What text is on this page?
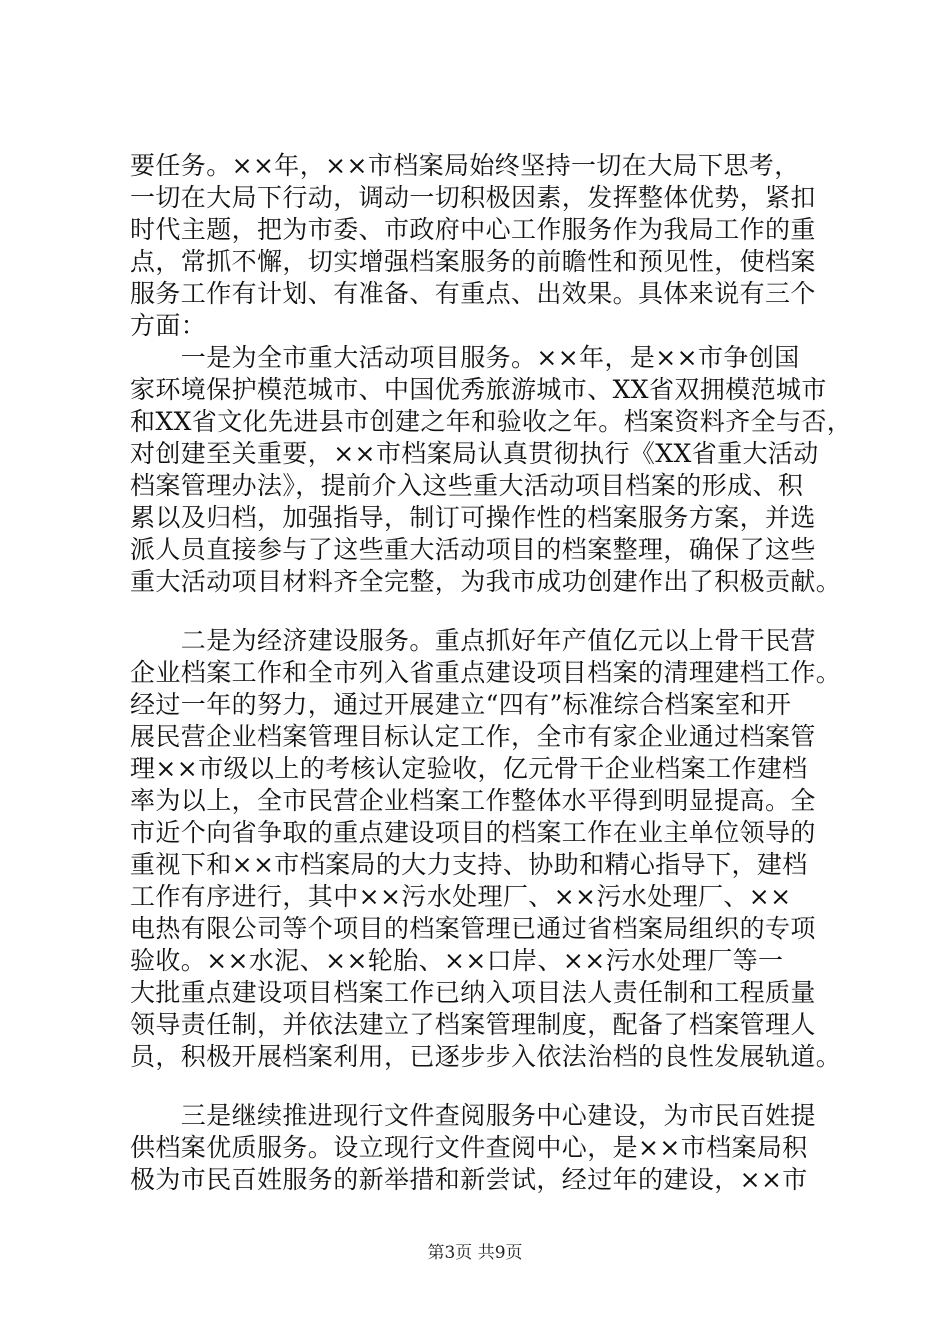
要任务。××年，××市档案局始终坚持一切在大局下思考，
一切在大局下行动，调动一切积极因素，发挥整体优势，紧扣
时代主题，把为市委、市政府中心工作服务作为我局工作的重
点，常抓不懈，切实增强档案服务的前瞻性和预见性，使档案
服务工作有计划、有准备、有重点、出效果。具体来说有三个
方面：
　　一是为全市重大活动项目服务。××年，是××市争创国
家环境保护模范城市、中国优秀旅游城市、XX省双拥模范城市
和XX省文化先进县市创建之年和验收之年。档案资料齐全与否，
对创建至关重要，××市档案局认真贯彻执行《XX省重大活动
档案管理办法》，提前介入这些重大活动项目档案的形成、积
累以及归档，加强指导，制订可操作性的档案服务方案，并选
派人员直接参与了这些重大活动项目的档案整理，确保了这些
重大活动项目材料齐全完整，为我市成功创建作出了积极贡献。
　　二是为经济建设服务。重点抓好年产值亿元以上骨干民营
企业档案工作和全市列入省重点建设项目档案的清理建档工作。
经过一年的努力，通过开展建立“四有”标准综合档案室和开
展民营企业档案管理目标认定工作，全市有家企业通过档案管
理××市级以上的考核认定验收，亿元骨干企业档案工作建档
率为以上，全市民营企业档案工作整体水平得到明显提高。全
市近个向省争取的重点建设项目的档案工作在业主单位领导的
重视下和××市档案局的大力支持、协助和精心指导下，建档
工作有序进行，其中××污水处理厂、××污水处理厂、××
电热有限公司等个项目的档案管理已通过省档案局组织的专项
验收。××水泥、××轮胎、××口岸、××污水处理厂等一
大批重点建设项目档案工作已纳入项目法人责任制和工程质量
领导责任制，并依法建立了档案管理制度，配备了档案管理人
员，积极开展档案利用，已逐步步入依法治档的良性发展轨道。
　　三是继续推进现行文件查阅服务中心建设，为市民百姓提
供档案优质服务。设立现行文件查阅中心，是××市档案局积
极为市民百姓服务的新举措和新尝试，经过年的建设，××市
第3页 共9页
